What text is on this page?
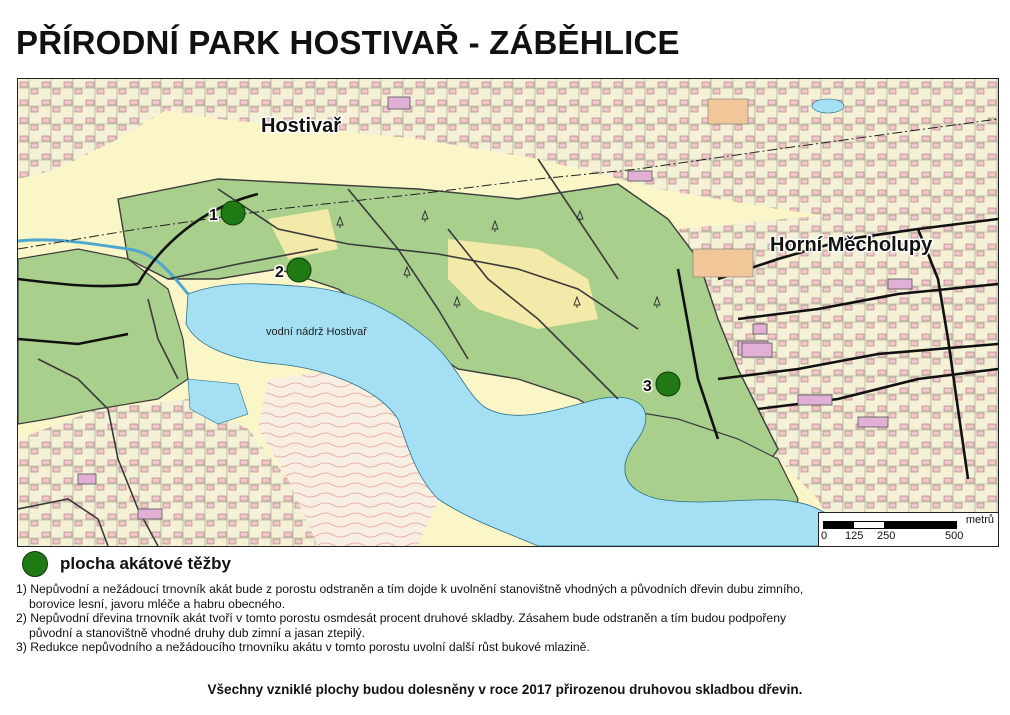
PŘÍRODNÍ PARK HOSTIVAŘ - ZÁBĚHLICE
Hostivař
Horní Měcholupy
vodní nádrž Hostivař
1
2
3
metrů
0 125 250	500
plocha akátové těžby

1) Nepůvodní a nežádoucí trnovník akát bude z porostu odstraněn a tím dojde k uvolnění stanovištně vhodných a původních dřevin dubu zimního,
borovice lesní, javoru mléče a habru obecného.

2) Nepůvodní dřevina trnovník akát tvoří v tomto porostu osmdesát procent druhové skladby. Zásahem bude odstraněn a tím budou podpořeny
původní a stanovištně vhodné druhy dub zimní a jasan ztepilý.

3) Redukce nepůvodního a nežádoucího trnovníku akátu v tomto porostu uvolní další růst bukové mlazině.

Všechny vzniklé plochy budou dolesněny v roce 2017 přirozenou druhovou skladbou dřevin.
